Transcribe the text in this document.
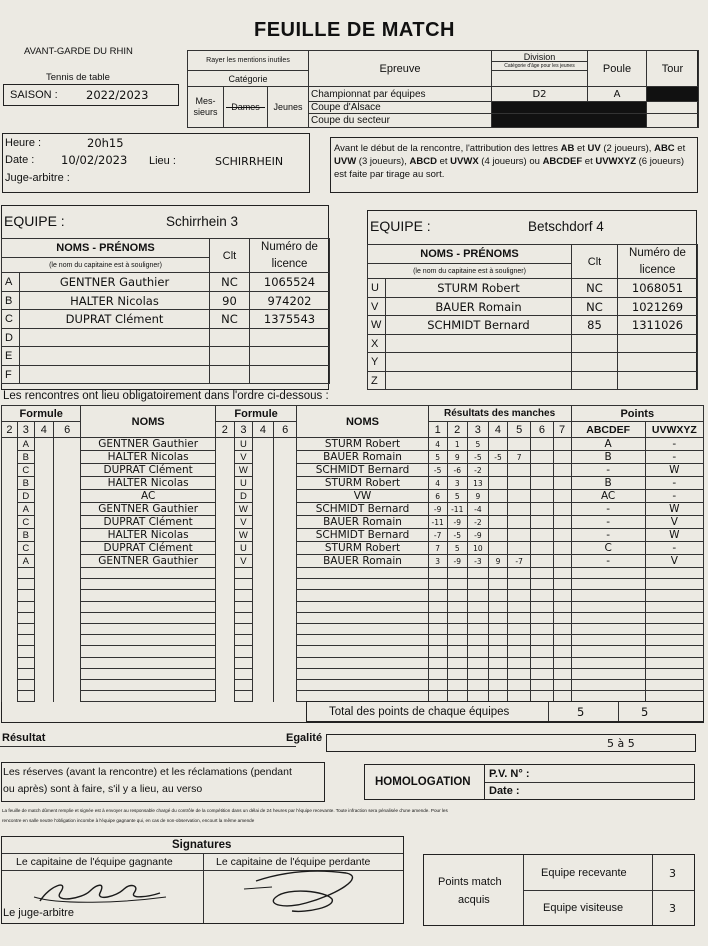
FEUILLE DE MATCH
AVANT-GARDE DU RHIN
Tennis de table
SAISON : 2022/2023
Rayer les mentions inutiles			Epreuve	Division
Catégorie d'âge pour les jeunes	Poule	Tour
Catégorie						
Mes-
sieurs	Dames	Jeunes	Championnat par équipes	D2	A	
			Coupe d'Alsace			
			Coupe du secteur			
Heure :	20h15
Date : 10/02/2023 Lieu :	SCHIRRHEIN
Juge-arbitre :
Avant le début de la rencontre, l'attribution des lettres AB et UV (2 joueurs), ABC et UVW (3 joueurs), ABCD et UVWX (4 joueurs) ou ABCDEF et UVWXYZ (6 joueurs) est faite par tirage au sort.
EQUIPE :	Schirrhein 3
NOMS - PRÉNOMS		Clt	Numéro de
licence
(le nom du capitaine est à souligner)			
A	GENTNER Gauthier	NC	1065524
B	HALTER Nicolas	90	974202
C	DUPRAT Clément	NC	1375543
D			
E			
F			
EQUIPE :	Betschdorf 4
NOMS - PRÉNOMS		Clt	Numéro de
licence
(le nom du capitaine est à souligner)			
U	STURM Robert	NC	1068051
V	BAUER Romain	NC	1021269
W	SCHMIDT Bernard	85	1311026
X			
Y			
Z			
Les rencontres ont lieu obligatoirement dans l'ordre ci-dessous :
Formule				NOMS	Formule				NOMS	Résultats des manches							Points	
2	3	4	6		2	3	4	6		1	2	3	4	5	6	7	ABCDEF	UVWXYZ
	A			GENTNER Gauthier		U			STURM Robert	4	1	5					A	-
	B			HALTER Nicolas		V			BAUER Romain	5	9	-5	-5	7			B	-
	C			DUPRAT Clément		W			SCHMIDT Bernard	-5	-6	-2					-	W
	B			HALTER Nicolas		U			STURM Robert	4	3	13					B	-
	D			AC		D			VW	6	5	9					AC	-
	A			GENTNER Gauthier		W			SCHMIDT Bernard	-9	-11	-4					-	W
	C			DUPRAT Clément		V			BAUER Romain	-11	-9	-2					-	V
	B			HALTER Nicolas		W			SCHMIDT Bernard	-7	-5	-9					-	W
	C			DUPRAT Clément		U			STURM Robert	7	5	10					C	-
	A			GENTNER Gauthier		V			BAUER Romain	3	-9	-3	9	-7			-	V

Total des points de chaque équipes	5	5
Résultat	Egalité	5 à 5
Les réserves (avant la rencontre) et les réclamations (pendant
ou après) sont à faire, s'il y a lieu, au verso
HOMOLOGATION
P.V. N° :
Date :
La feuille de match dûment remplie et signée est à envoyer au responsable chargé du contrôle de la compétition dans un délai de 24 heures par l'équipe recevante. Toute infraction sera pénalisée d'une amende. Pour les
rencontre en salle neutre l'obligation incombe à l'équipe gagnante qui, en cas de non-observation, encourt la même amende
Signatures
Le capitaine de l'équipe gagnante	Le capitaine de l'équipe perdante
Le juge-arbitre
Points match
acquis
Equipe recevante
Equipe visiteuse
3
3
